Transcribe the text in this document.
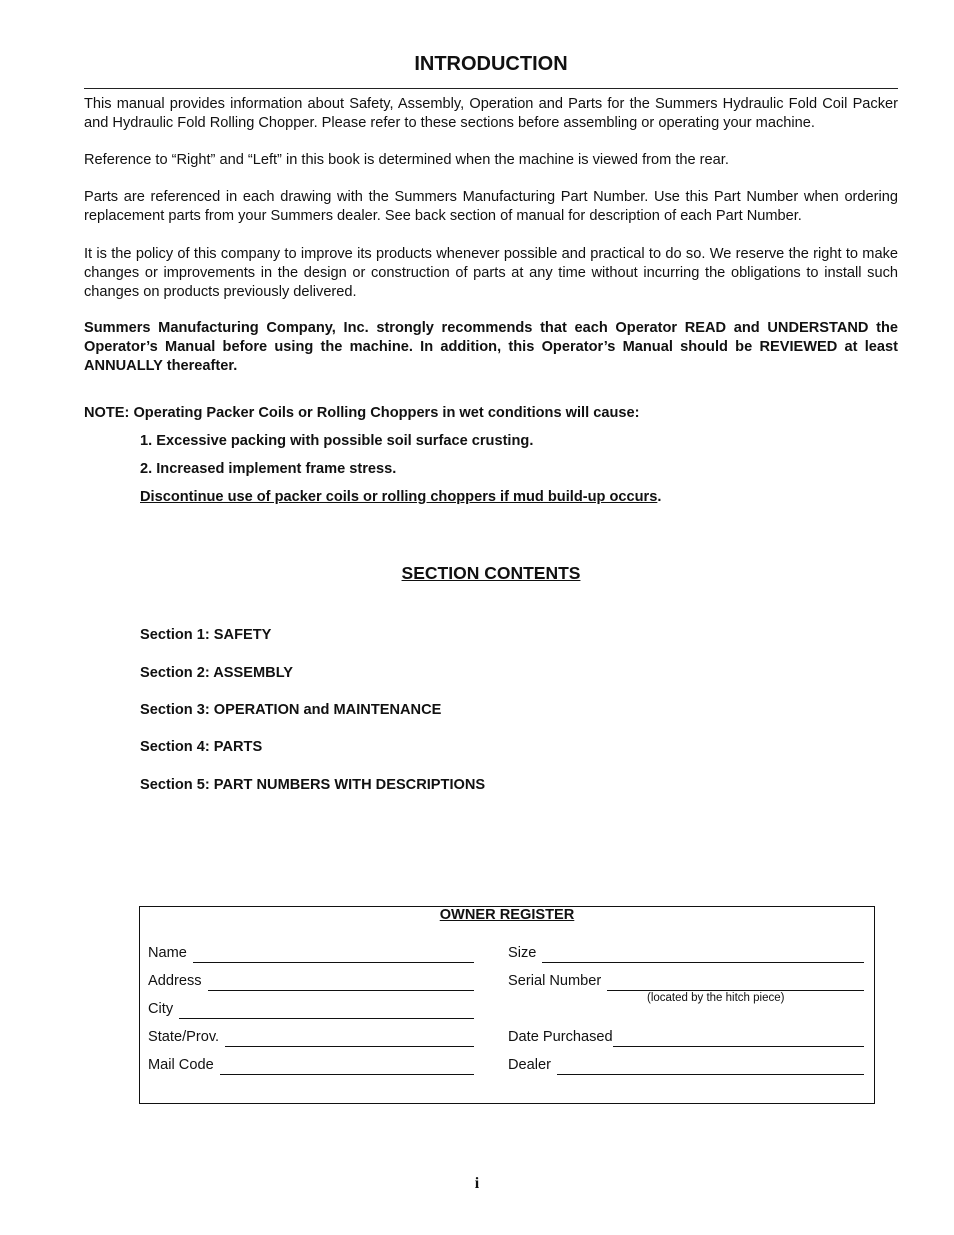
INTRODUCTION
This manual provides information about Safety, Assembly, Operation and Parts for the Summers Hydraulic Fold Coil Packer and Hydraulic Fold Rolling Chopper. Please refer to these sections before assembling or operating your machine.
Reference to “Right” and “Left” in this book is determined when the machine is viewed from the rear.
Parts are referenced in each drawing with the Summers Manufacturing Part Number. Use this Part Number when ordering replacement parts from your Summers dealer. See back section of manual for description of each Part Number.
It is the policy of this company to improve its products whenever possible and practical to do so. We reserve the right to make changes or improvements in the design or construction of parts at any time without incurring the obligations to install such changes on products previously delivered.
Summers Manufacturing Company, Inc. strongly recommends that each Operator READ and UNDERSTAND the Operator’s Manual before using the machine. In addition, this Operator’s Manual should be REVIEWED at least ANNUALLY thereafter.
NOTE: Operating Packer Coils or Rolling Choppers in wet conditions will cause:
1. Excessive packing with possible soil surface crusting.
2. Increased implement frame stress.
Discontinue use of packer coils or rolling choppers if mud build-up occurs.
SECTION CONTENTS
Section 1: SAFETY
Section 2: ASSEMBLY
Section 3: OPERATION and MAINTENANCE
Section 4: PARTS
Section 5: PART NUMBERS WITH DESCRIPTIONS
OWNER REGISTER
Name
Address
City
State/Prov.
Mail Code
Size
Serial Number
(located by the hitch piece)
Date Purchased
Dealer
i
